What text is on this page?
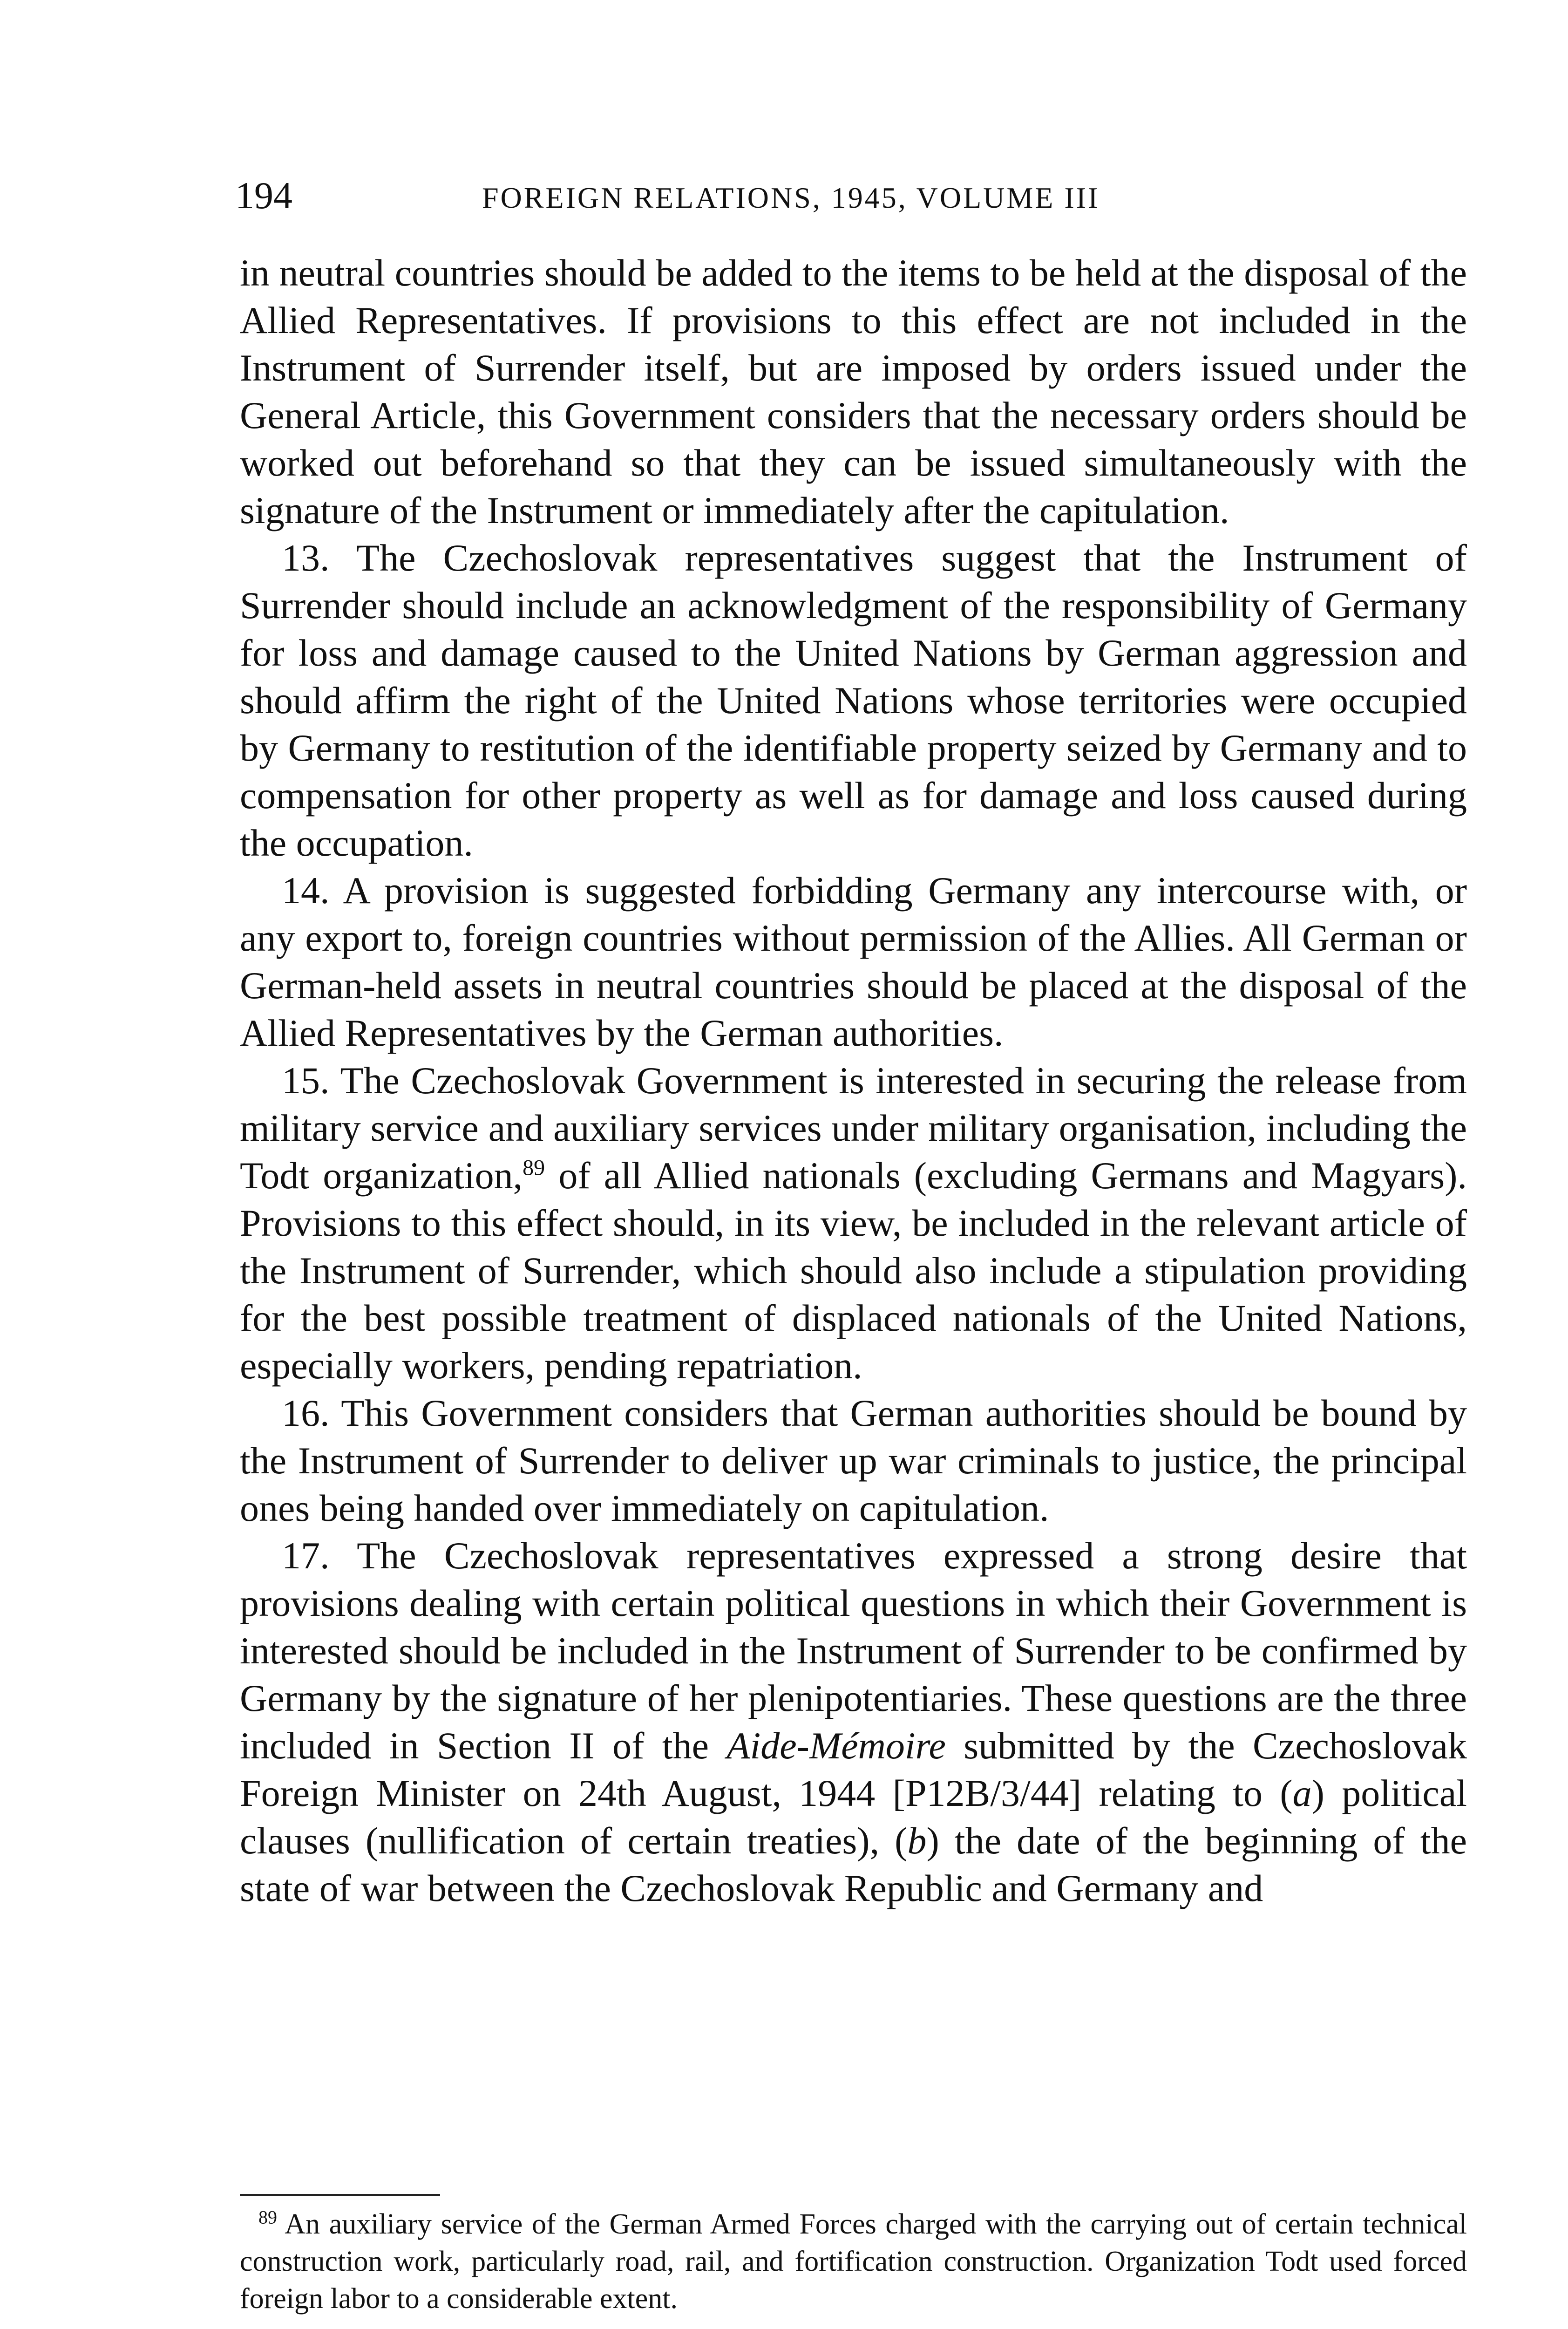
194	FOREIGN RELATIONS, 1945, VOLUME III

in neutral countries should be added to the items to be held at the disposal of the Allied Representatives. If provisions to this effect are not included in the Instrument of Surrender itself, but are imposed by orders issued under the General Article, this Government considers that the necessary orders should be worked out beforehand so that they can be issued simultaneously with the signature of the Instrument or immediately after the capitulation.

13. The Czechoslovak representatives suggest that the Instrument of Surrender should include an acknowledgment of the responsibility of Germany for loss and damage caused to the United Nations by German aggression and should affirm the right of the United Nations whose territories were occupied by Germany to restitution of the identifiable property seized by Germany and to compensation for other property as well as for damage and loss caused during the occupation.

14. A provision is suggested forbidding Germany any intercourse with, or any export to, foreign countries without permission of the Allies. All German or German-held assets in neutral countries should be placed at the disposal of the Allied Representatives by the German authorities.

15. The Czechoslovak Government is interested in securing the release from military service and auxiliary services under military organisation, including the Todt organization,$^{89}$ of all Allied nationals (excluding Germans and Magyars). Provisions to this effect should, in its view, be included in the relevant article of the Instrument of Surrender, which should also include a stipulation providing for the best possible treatment of displaced nationals of the United Nations, especially workers, pending repatriation.

16. This Government considers that German authorities should be bound by the Instrument of Surrender to deliver up war criminals to justice, the principal ones being handed over immediately on capitulation.

17. The Czechoslovak representatives expressed a strong desire that provisions dealing with certain political questions in which their Government is interested should be included in the Instrument of Surrender to be confirmed by Germany by the signature of her plenipotentiaries. These questions are the three included in Section II of the Aide-Mémoire submitted by the Czechoslovak Foreign Minister on 24th August, 1944 [P12B/3/44] relating to (a) political clauses (nullification of certain treaties), (b) the date of the beginning of the state of war between the Czechoslovak Republic and Germany and

$^{89}$ An auxiliary service of the German Armed Forces charged with the carrying out of certain technical construction work, particularly road, rail, and fortification construction. Organization Todt used forced foreign labor to a considerable extent.
